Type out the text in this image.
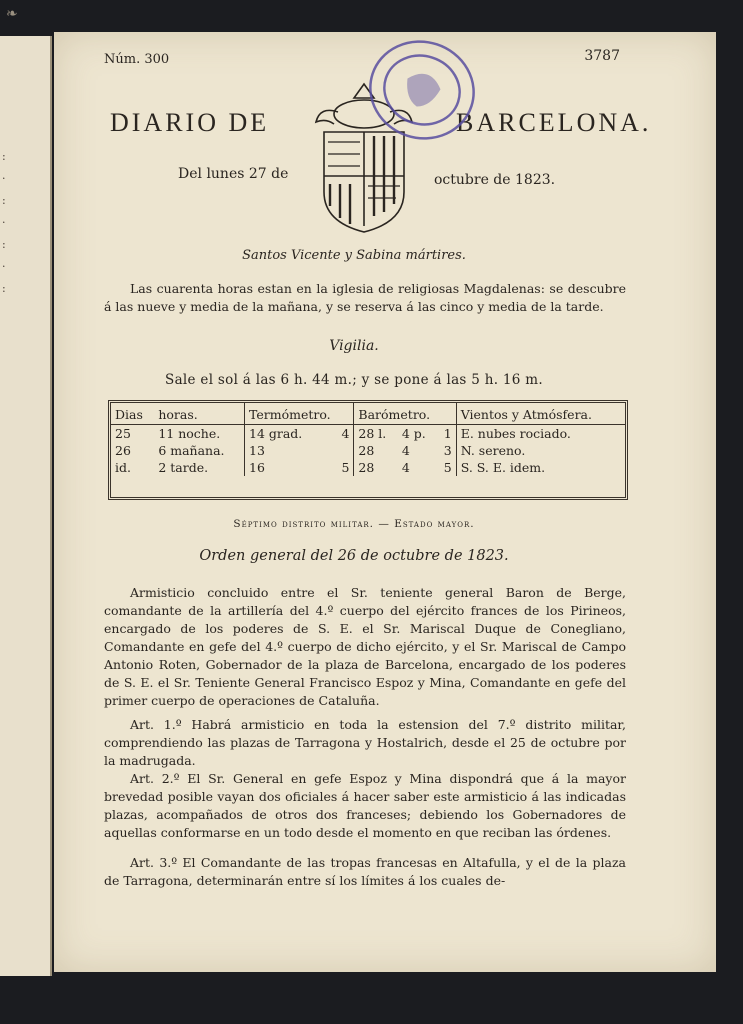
❧
:
·
:
·
:
·
:
Núm. 300	3787
DIARIO DE	BARCELONA.
Del lunes 27 de	octubre de 1823.
Santos Vicente y Sabina mártires.
Las cuarenta horas estan en la iglesia de religiosas Magdalenas: se descubre á las nueve y media de la mañana, y se reserva á las cinco y media de la tarde.
Vigilia.
Sale el sol á las 6 h. 44 m.; y se pone á las 5 h. 16 m.
Dias	horas.	Termómetro.		Barómetro.			Vientos y Atmósfera.
25	11 noche.	14 grad.	4	28 l.	4 p.	1	E. nubes rociado.
26	6 mañana.	13		28	4	3	N. sereno.
id.	2 tarde.	16	5	28	4	5	S. S. E. idem.
Séptimo distrito militar. — Estado mayor.
Orden general del 26 de octubre de 1823.
Armisticio concluido entre el Sr. teniente general Baron de Berge, comandante de la artillería del 4.º cuerpo del ejército frances de los Pirineos, encargado de los poderes de S. E. el Sr. Mariscal Duque de Conegliano, Comandante en gefe del 4.º cuerpo de dicho ejército, y el Sr. Mariscal de Campo Antonio Roten, Gobernador de la plaza de Barcelona, encargado de los poderes de S. E. el Sr. Teniente General Francisco Espoz y Mina, Comandante en gefe del primer cuerpo de operaciones de Cataluña.
Art. 1.º Habrá armisticio en toda la estension del 7.º distrito militar, comprendiendo las plazas de Tarragona y Hostalrich, desde el 25 de octubre por la madrugada.
Art. 2.º El Sr. General en gefe Espoz y Mina dispondrá que á la mayor brevedad posible vayan dos oficiales á hacer saber este armisticio á las indicadas plazas, acompañados de otros dos franceses; debiendo los Gobernadores de aquellas conformarse en un todo desde el momento en que reciban las órdenes.
Art. 3.º El Comandante de las tropas francesas en Altafulla, y el de la plaza de Tarragona, determinarán entre sí los límites á los cuales de-
